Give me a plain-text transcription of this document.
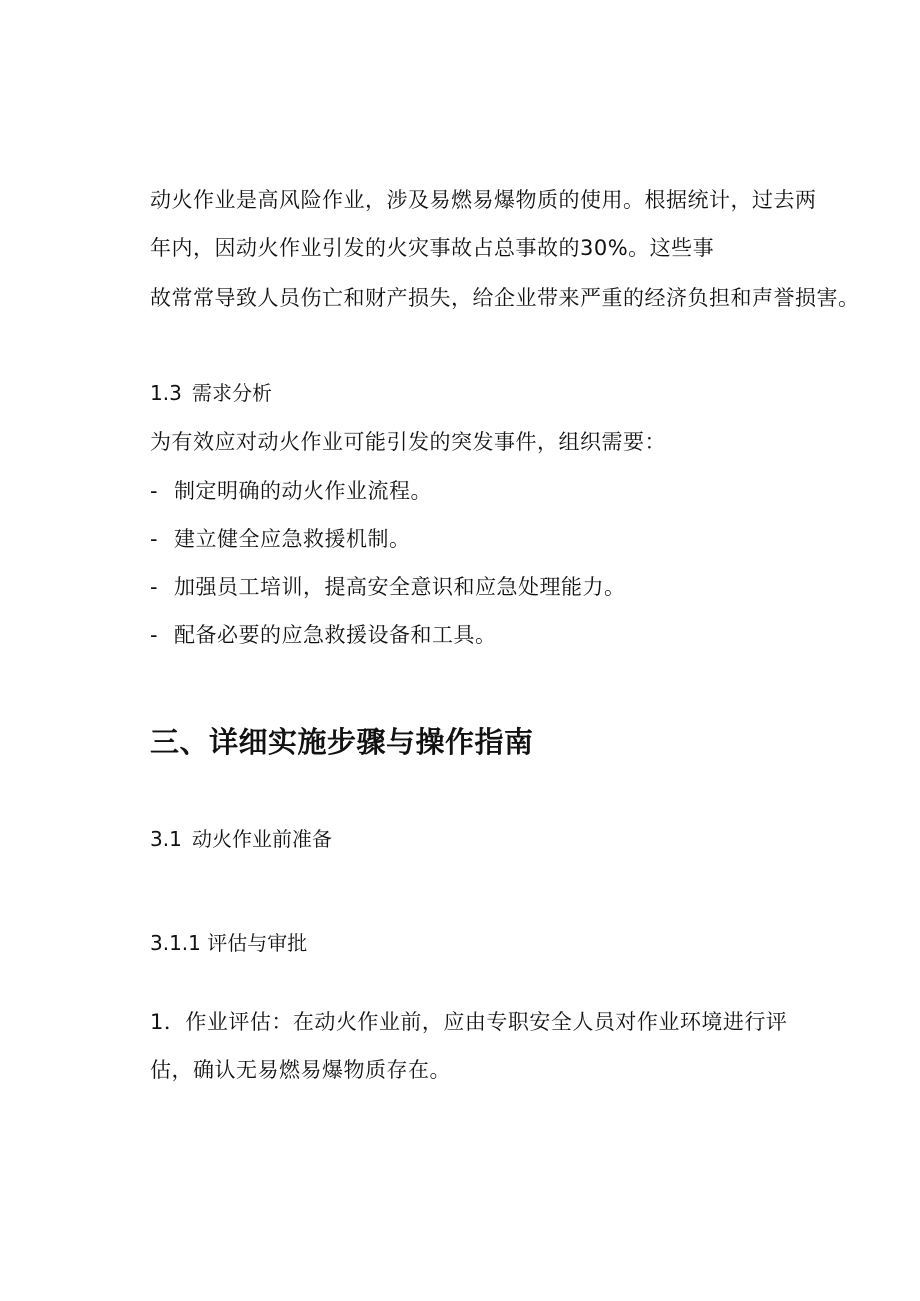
动火作业是高风险作业，涉及易燃易爆物质的使用。根据统计，过去两
年内，因动火作业引发的火灾事故占总事故的30%。这些事
故常常导致人员伤亡和财产损失，给企业带来严重的经济负担和声誉损害。
1.3 需求分析
为有效应对动火作业可能引发的突发事件，组织需要：
- 制定明确的动火作业流程。
- 建立健全应急救援机制。
- 加强员工培训，提高安全意识和应急处理能力。
- 配备必要的应急救援设备和工具。
三、详细实施步骤与操作指南
3.1 动火作业前准备
3.1.1 评估与审批
1．作业评估：在动火作业前，应由专职安全人员对作业环境进行评
估，确认无易燃易爆物质存在。
